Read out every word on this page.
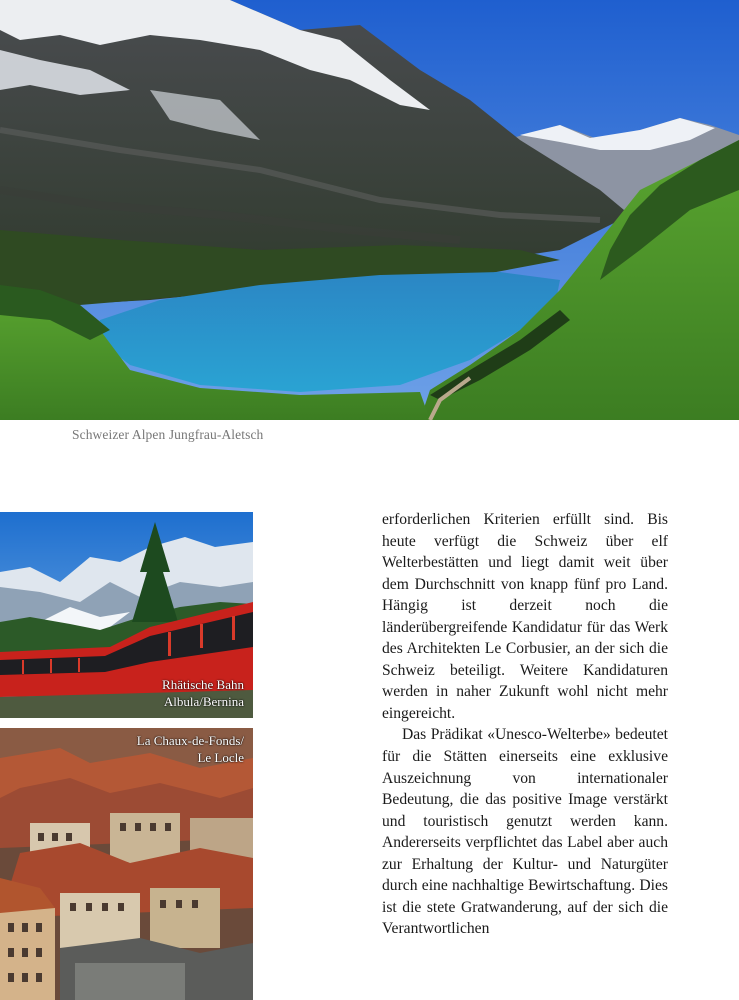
Schweizer Alpen Jungfrau-Aletsch
Rhätische Bahn
Albula/Bernina
La Chaux-de-Fonds/
Le Locle

erforderlichen Kriterien erfüllt sind. Bis heute verfügt die Schweiz über elf Welterbestätten und liegt damit weit über dem Durchschnitt von knapp fünf pro Land. Hängig ist derzeit noch die länderübergreifende Kandidatur für das Werk des Architekten Le Corbusier, an der sich die Schweiz beteiligt. Weitere Kandidaturen werden in naher Zukunft wohl nicht mehr eingereicht.

Das Prädikat «Unesco-Welterbe» bedeutet für die Stätten einerseits eine exklusive Auszeichnung von internationaler Bedeutung, die das positive Image verstärkt und touristisch genutzt werden kann. Andererseits verpflichtet das Label aber auch zur Erhaltung der Kultur- und Naturgüter durch eine nachhaltige Bewirtschaftung. Dies ist die stete Gratwanderung, auf der sich die Verantwortlichen
